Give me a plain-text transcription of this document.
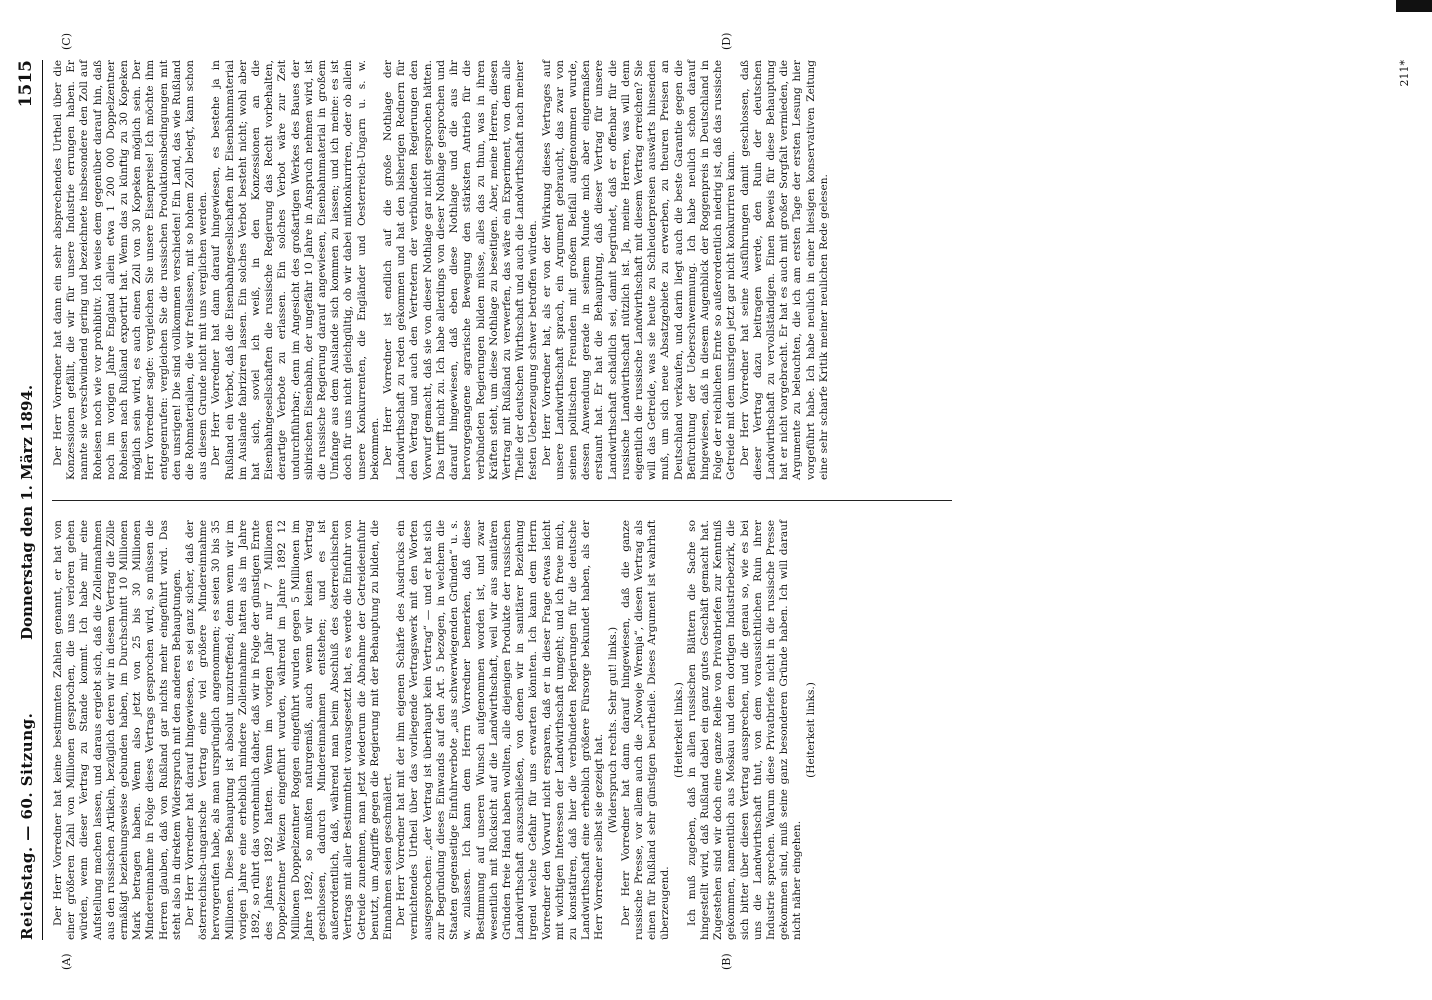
Reichstag. — 60. Sitzung.
Donnerstag den 1. März 1894.
1515
(A)	(B)
(C)	(D)

Der Herr Vorredner hat keine bestimmten Zahlen genannt, er hat von einer größeren Zahl von Millionen gesprochen, die uns verloren gehen würden, wenn dieser Vertrag zu Stande kommt. Ich habe mir eine Aufstellung machen lassen, und daraus ergiebt sich, daß die Zolleinnahmen aus den russischen Artikeln, bezüglich deren wir in diesem Vertrag die Zölle ermäßigt beziehungsweise gebunden haben, im Durchschnitt 10 Millionen Mark betragen haben. Wenn also jetzt von 25 bis 30 Millionen Mindereinnahme in Folge dieses Vertrags gesprochen wird, so müssen die Herren glauben, daß von Rußland gar nichts mehr eingeführt wird. Das steht also in direktem Widerspruch mit den anderen Behauptungen. Der Herr Vorredner hat darauf hingewiesen, es sei ganz sicher, daß der österreichisch-ungarische Vertrag eine viel größere Mindereinnahme hervorgerufen habe, als man ursprünglich angenommen; es seien 30 bis 35 Millionen. Diese Behauptung ist absolut unzutreffend; denn wenn wir im vorigen Jahre eine erheblich mindere Zolleinnahme hatten als im Jahre 1892, so rührt das vornehmlich daher, daß wir in Folge der günstigen Ernte des Jahres 1892 hatten. Wenn im vorigen Jahr nur 7 Millionen Doppelzentner Weizen eingeführt wurden, während im Jahre 1892 12 Millionen Doppelzentner Roggen eingeführt wurden gegen 5 Millionen im Jahre 1892, so mußten naturgemäß, auch wenn wir keinen Vertrag geschlossen, dadurch Mindereinnahmen entstehen; und es ist außerordentlich, daß, während man beim Abschluß des österreichischen Vertrags mit aller Bestimmtheit vorausgesetzt hat, es werde die Einfuhr von Getreide zunehmen, man jetzt wiederum die Abnahme der Getreideeinfuhr benutzt, um Angriffe gegen die Regierung mit der Behauptung zu bilden, die Einnahmen seien geschmälert. Der Herr Vorredner hat mit der ihm eigenen Schärfe des Ausdrucks ein vernichtendes Urtheil über das vorliegende Vertragswerk mit den Worten ausgesprochen: „der Vertrag ist überhaupt kein Vertrag“ — und er hat sich zur Begründung dieses Einwands auf den Art. 5 bezogen, in welchem die Staaten gegenseitige Einfuhrverbote „aus schwerwiegenden Gründen“ u. s. w. zulassen. Ich kann dem Herrn Vorredner bemerken, daß diese Bestimmung auf unseren Wunsch aufgenommen worden ist, und zwar wesentlich mit Rücksicht auf die Landwirthschaft, weil wir aus sanitären Gründen freie Hand haben wollten, alle diejenigen Produkte der russischen Landwirthschaft auszuschließen, von denen wir in sanitärer Beziehung irgend welche Gefahr für uns erwarten könnten. Ich kann dem Herrn Vorredner den Vorwurf nicht ersparen, daß er in dieser Frage etwas leicht mit wichtigen Interessen der Landwirthschaft umgeht; und ich freue mich, zu konstatiren, daß hier die verbündeten Regierungen für die deutsche Landwirthschaft eine erheblich größere Fürsorge bekundet haben, als der Herr Vorredner selbst sie gezeigt hat.

(Widerspruch rechts. Sehr gut! links.) Der Herr Vorredner hat dann darauf hingewiesen, daß die ganze russische Presse, vor allem auch die „Nowoje Wremja“, diesen Vertrag als einen für Rußland sehr günstigen beurtheile. Dieses Argument ist wahrhaft überzeugend.

(Heiterkeit links.) Ich muß zugeben, daß in allen russischen Blättern die Sache so hingestellt wird, daß Rußland dabei ein ganz gutes Geschäft gemacht hat. Zugestehen sind wir doch eine ganze Reihe von Privatbriefen zur Kenntniß gekommen, namentlich aus Moskau und dem dortigen Industriebezirk, die sich bitter über diesen Vertrag aussprechen, und die genau so, wie es bei uns die Landwirthschaft thut, von dem voraussichtlichen Ruin ihrer Industrie sprechen. Warum diese Privatbriefe nicht in die russische Presse gekommen sind, muß seine ganz besonderen Gründe haben. Ich will darauf nicht näher eingehen.

(Heiterkeit links.)

Der Herr Vorredner hat dann ein sehr absprechendes Urtheil über die Konzessionen gefällt, die wir für unsere Industrie errungen haben. Er nannte sie verschwindend gering und bezeichnete insbesondere den Zoll auf Roheisen noch wie vor prohibitiv. Ich weise dem gegenüber darauf hin, daß noch im vorigen Jahre England allein etwa 1 200 000 Doppelzentner Roheisen nach Rußland exportirt hat. Wenn das zu künftig zu 30 Kopeken möglich sein wird, es auch einen Zoll von 30 Kopeken möglich sein. Der Herr Vorredner sagte: vergleichen Sie unsere Eisenpreise! Ich möchte ihm entgegenrufen: vergleichen Sie die russischen Produktionsbedingungen mit den unsrigen! Die sind vollkommen verschieden! Ein Land, das wie Rußland die Rohmaterialien, die wir freilassen, mit so hohem Zoll belegt, kann schon aus diesem Grunde nicht mit uns verglichen werden. Der Herr Vorredner hat dann darauf hingewiesen, es bestehe ja in Rußland ein Verbot, daß die Eisenbahngesellschaften ihr Eisenbahnmaterial im Auslande fabriziren lassen. Ein solches Verbot besteht nicht; wohl aber hat sich, soviel ich weiß, in den Konzessionen an die Eisenbahngesellschaften die russische Regierung das Recht vorbehalten, derartige Verbote zu erlassen. Ein solches Verbot wäre zur Zeit undurchführbar; denn im Angesicht des großartigen Werkes des Baues der sibirischen Eisenbahn, der ungefähr 10 Jahre in Anspruch nehmen wird, ist die russische Regierung darauf angewiesen, Eisenbahnmaterial in großem Umfange aus dem Auslande sich kommen zu lassen; und ich meine: es ist doch für uns nicht gleichgültig, ob wir dabei mitkonkurriren, oder ob allein unsere Konkurrenten, die Engländer und Oesterreich-Ungarn u. s. w. bekommen. Der Herr Vorredner ist endlich auf die große Nothlage der Landwirthschaft zu reden gekommen und hat den bisherigen Rednern für den Vertrag und auch den Vertretern der verbündeten Regierungen den Vorwurf gemacht, daß sie von dieser Nothlage gar nicht gesprochen hätten. Das trifft nicht zu. Ich habe allerdings von dieser Nothlage gesprochen und darauf hingewiesen, daß eben diese Nothlage und die aus ihr hervorgegangene agrarische Bewegung den stärksten Antrieb für die verbündeten Regierungen bilden müsse, alles das zu thun, was in ihren Kräften steht, um diese Nothlage zu beseitigen. Aber, meine Herren, diesen Vertrag mit Rußland zu verwerfen, das wäre ein Experiment, von dem alle Theile der deutschen Wirthschaft und auch die Landwirthschaft nach meiner festen Ueberzeugung schwer betroffen würden. Der Herr Vorredner hat, als er von der Wirkung dieses Vertrages auf unsere Landwirthschaft sprach, ein Argument gebraucht, das zwar von seinen politischen Freunden mit großem Beifall aufgenommen wurde, dessen Anwendung gerade in seinem Munde mich aber eingermaßen erstaunt hat. Er hat die Behauptung, daß dieser Vertrag für unsere Landwirthschaft schädlich sei, damit begründet, daß er offenbar für die russische Landwirthschaft nützlich ist. Ja, meine Herren, was will denn eigentlich die russische Landwirthschaft mit diesem Vertrag erreichen? Sie will das Getreide, was sie heute zu Schleuderpreisen auswärts hinsenden muß, um sich neue Absatzgebiete zu erwerben, zu theuren Preisen an Deutschland verkaufen, und darin liegt auch die beste Garantie gegen die Befürchtung der Ueberschwemmung. Ich habe neulich schon darauf hingewiesen, daß in diesem Augenblick der Roggenpreis in Deutschland in Folge der reichlichen Ernte so außerordentlich niedrig ist, daß das russische Getreide mit dem unsrigen jetzt gar nicht konkurriren kann. Der Herr Vorredner hat seine Ausführungen damit geschlossen, daß dieser Vertrag dazu beitragen werde, den Ruin der deutschen Landwirthschaft zu vervollständigen. Einen Beweis für diese Behauptung hat er nicht vorgebracht. Er hat es auch mit großer Sorgfalt vermieden, die Argumente zu beleuchten, die ich am ersten Tage der ersten Lesung hier vorgeführt habe. Ich habe neulich in einer hiesigen konservativen Zeitung eine sehr scharfe Kritik meiner neulichen Rede gelesen.

211*
